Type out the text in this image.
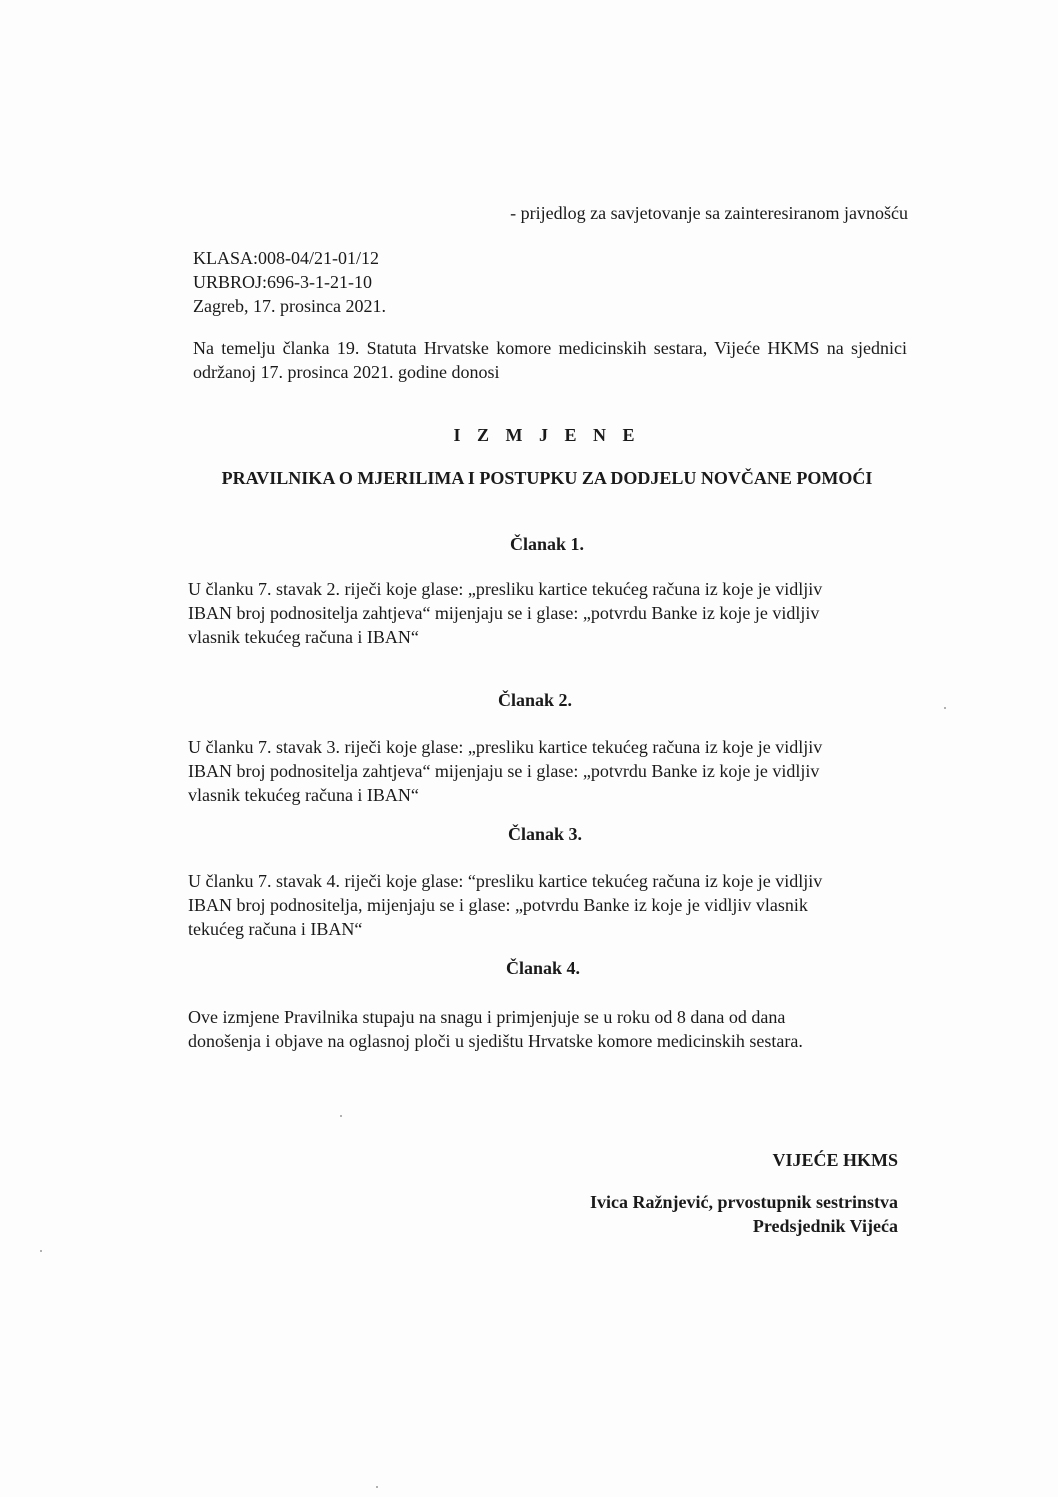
- prijedlog za savjetovanje sa zainteresiranom javnošću
KLASA:008-04/21-01/12
URBROJ:696-3-1-21-10
Zagreb, 17. prosinca 2021.
Na temelju članka 19. Statuta Hrvatske komore medicinskih sestara, Vijeće HKMS na sjednici održanoj 17. prosinca 2021. godine donosi
I Z M J E N E
PRAVILNIKA O MJERILIMA I POSTUPKU ZA DODJELU NOVČANE POMOĆI
Članak 1.
U članku 7. stavak 2. riječi koje glase: „presliku kartice tekućeg računa iz koje je vidljiv
IBAN broj podnositelja zahtjeva“ mijenjaju se i glase: „potvrdu Banke iz koje je vidljiv
vlasnik tekućeg računa i IBAN“
Članak 2.
U članku 7. stavak 3. riječi koje glase: „presliku kartice tekućeg računa iz koje je vidljiv
IBAN broj podnositelja zahtjeva“ mijenjaju se i glase: „potvrdu Banke iz koje je vidljiv
vlasnik tekućeg računa i IBAN“
Članak 3.
U članku 7. stavak 4. riječi koje glase: “presliku kartice tekućeg računa iz koje je vidljiv
IBAN broj podnositelja, mijenjaju se i glase: „potvrdu Banke iz koje je vidljiv vlasnik
tekućeg računa i IBAN“
Članak 4.
Ove izmjene Pravilnika stupaju na snagu i primjenjuje se u roku od 8 dana od dana
donošenja i objave na oglasnoj ploči u sjedištu Hrvatske komore medicinskih sestara.
VIJEĆE HKMS
Ivica Ražnjević, prvostupnik sestrinstva
Predsjednik Vijeća
